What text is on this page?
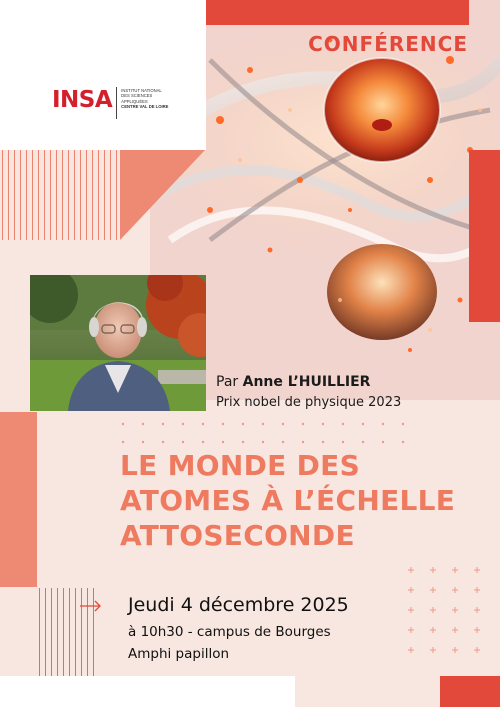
INSA INSTITUT NATIONAL
DES SCIENCES
APPLIQUÉES
CENTRE VAL DE LOIRE
CONFÉRENCE
Par Anne L’HUILLIER
Prix nobel de physique 2023
LE MONDE DES
ATOMES À L’ÉCHELLE
ATTOSECONDE
Jeudi 4 décembre 2025
à 10h30 - campus de Bourges
Amphi papillon
